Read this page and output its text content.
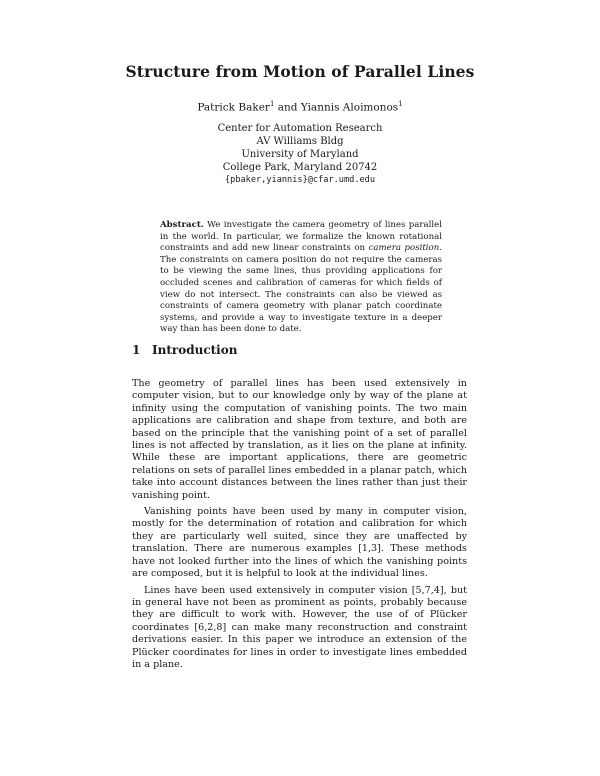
Structure from Motion of Parallel Lines
Patrick Baker$^1$ and Yiannis Aloimonos$^1$
Center for Automation Research
AV Williams Bldg
University of Maryland
College Park, Maryland 20742
{pbaker,yiannis}@cfar.umd.edu
Abstract. We investigate the camera geometry of lines parallel in the world. In particular, we formalize the known rotational constraints and add new linear constraints on camera position. The constraints on camera position do not require the cameras to be viewing the same lines, thus providing applications for occluded scenes and calibration of cameras for which fields of view do not intersect. The constraints can also be viewed as constraints of camera geometry with planar patch coordinate systems, and provide a way to investigate texture in a deeper way than has been done to date.
1 Introduction

The geometry of parallel lines has been used extensively in computer vision, but to our knowledge only by way of the plane at infinity using the computation of vanishing points. The two main applications are calibration and shape from texture, and both are based on the principle that the vanishing point of a set of parallel lines is not affected by translation, as it lies on the plane at infinity. While these are important applications, there are geometric relations on sets of parallel lines embedded in a planar patch, which take into account distances between the lines rather than just their vanishing point.

Vanishing points have been used by many in computer vision, mostly for the determination of rotation and calibration for which they are particularly well suited, since they are unaffected by translation. There are numerous examples [1,3]. These methods have not looked further into the lines of which the vanishing points are composed, but it is helpful to look at the individual lines.

Lines have been used extensively in computer vision [5,7,4], but in general have not been as prominent as points, probably because they are difficult to work with. However, the use of of Plücker coordinates [6,2,8] can make many reconstruction and constraint derivations easier. In this paper we introduce an extension of the Plücker coordinates for lines in order to investigate lines embedded in a plane.
